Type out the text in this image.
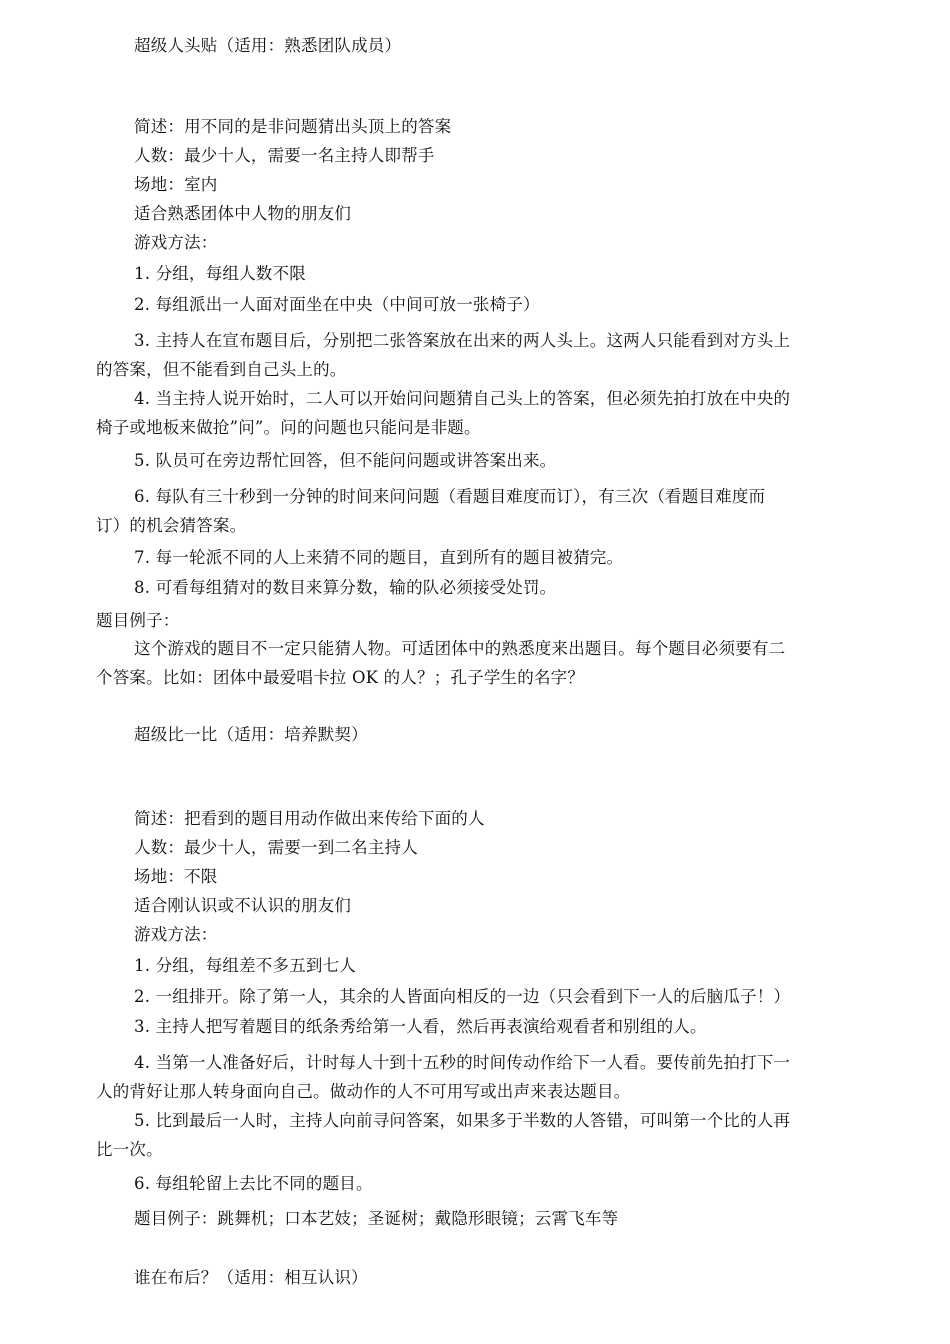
超级人头贴（适用：熟悉团队成员）
简述：用不同的是非问题猜出头顶上的答案
人数：最少十人，需要一名主持人即帮手
场地：室内
适合熟悉团体中人物的朋友们
游戏方法：
1. 分组，每组人数不限
2. 每组派出一人面对面坐在中央（中间可放一张椅子）
3. 主持人在宣布题目后，分别把二张答案放在出来的两人头上。这两人只能看到对方头上
的答案，但不能看到自己头上的。
4. 当主持人说开始时，二人可以开始问问题猜自己头上的答案，但必须先拍打放在中央的
椅子或地板来做抢”问”。问的问题也只能问是非题。
5. 队员可在旁边帮忙回答，但不能问问题或讲答案出来。
6. 每队有三十秒到一分钟的时间来问问题（看题目难度而订），有三次（看题目难度而
订）的机会猜答案。
7. 每一轮派不同的人上来猜不同的题目，直到所有的题目被猜完。
8. 可看每组猜对的数目来算分数，输的队必须接受处罚。
题目例子：
这个游戏的题目不一定只能猜人物。可适团体中的熟悉度来出题目。每个题目必须要有二
个答案。比如：团体中最爱唱卡拉 OK 的人？；孔子学生的名字？
超级比一比（适用：培养默契）
简述：把看到的题目用动作做出来传给下面的人
人数：最少十人，需要一到二名主持人
场地：不限
适合刚认识或不认识的朋友们
游戏方法：
1. 分组，每组差不多五到七人
2. 一组排开。除了第一人，其余的人皆面向相反的一边（只会看到下一人的后脑瓜子！）
3. 主持人把写着题目的纸条秀给第一人看，然后再表演给观看者和别组的人。
4. 当第一人准备好后，计时每人十到十五秒的时间传动作给下一人看。要传前先拍打下一
人的背好让那人转身面向自己。做动作的人不可用写或出声来表达题目。
5. 比到最后一人时，主持人向前寻问答案，如果多于半数的人答错，可叫第一个比的人再
比一次。
6. 每组轮留上去比不同的题目。
题目例子：跳舞机；口本艺妓；圣诞树；戴隐形眼镜；云霄飞车等
谁在布后？（适用：相互认识）
